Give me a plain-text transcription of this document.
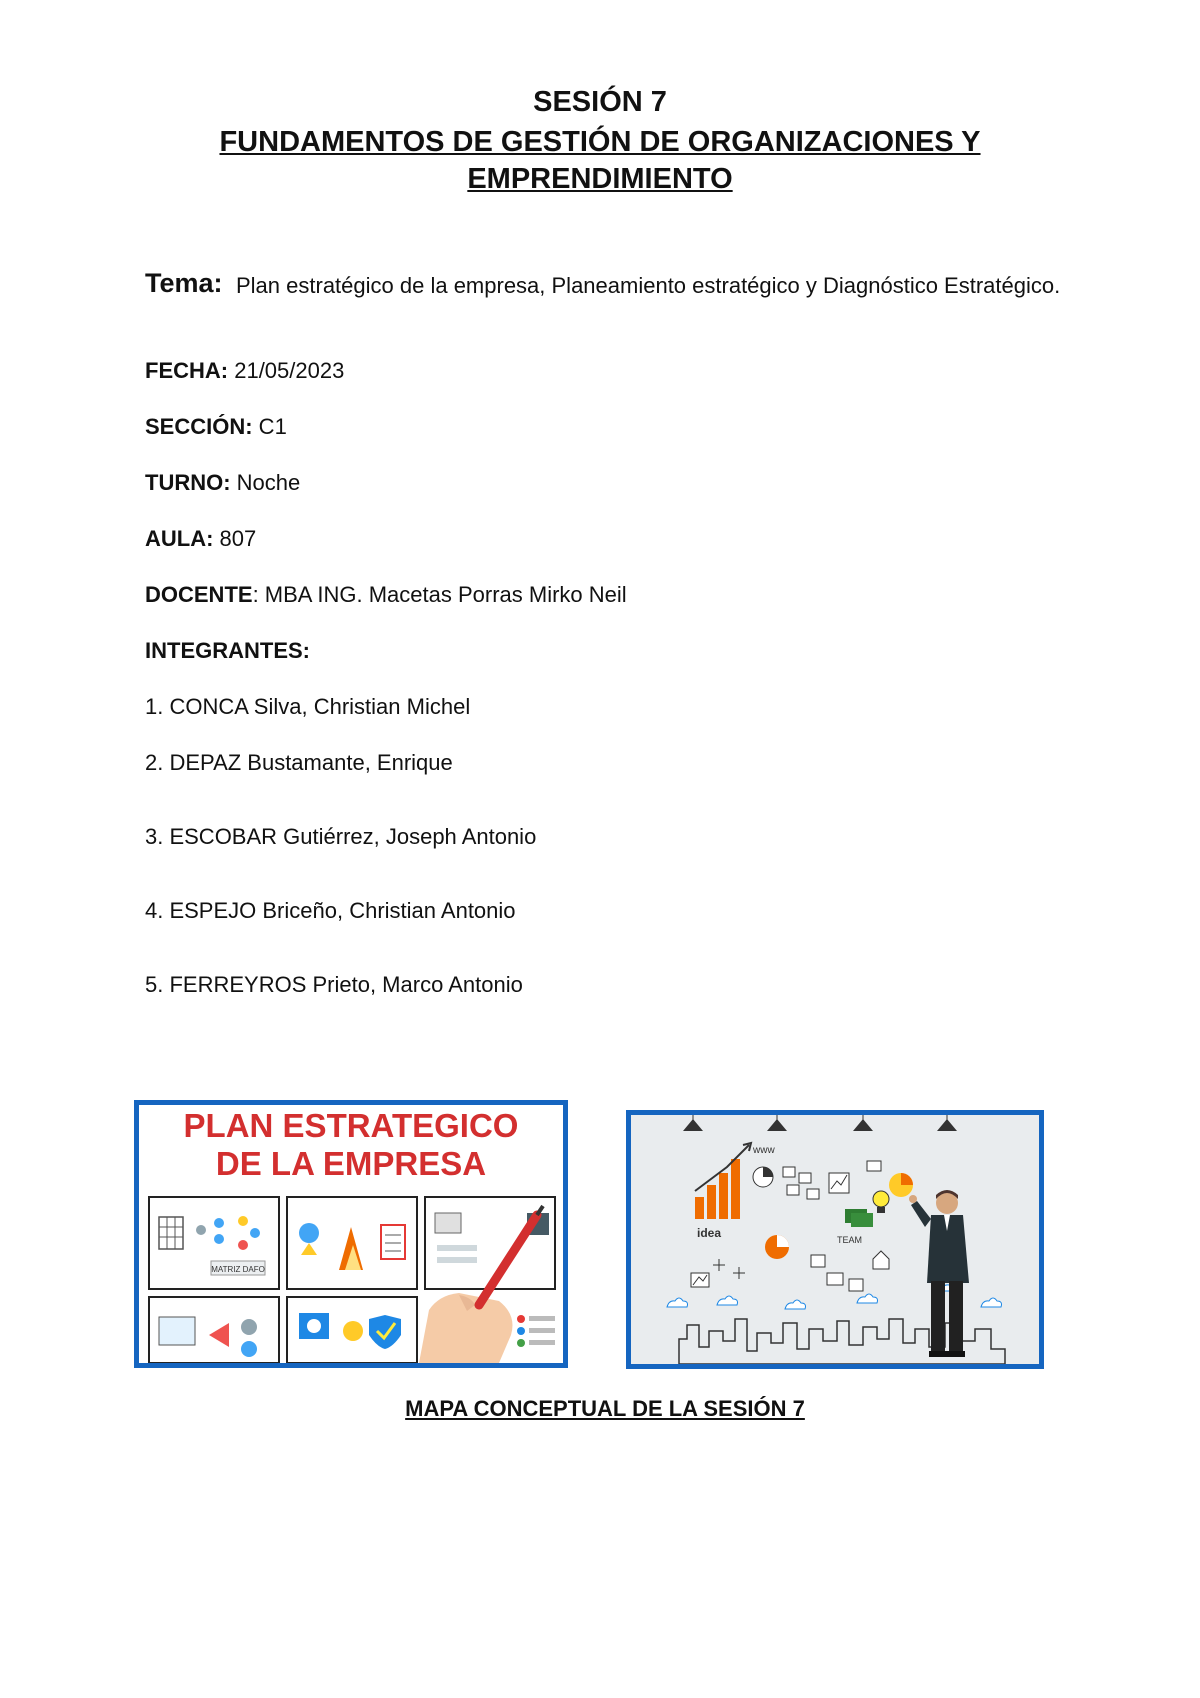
SESIÓN 7
FUNDAMENTOS DE GESTIÓN DE ORGANIZACIONES Y EMPRENDIMIENTO
Tema: Plan estratégico de la empresa, Planeamiento estratégico y Diagnóstico Estratégico.
FECHA: 21/05/2023
SECCIÓN: C1
TURNO: Noche
AULA: 807
DOCENTE: MBA ING. Macetas Porras Mirko Neil
INTEGRANTES:
1. CONCA Silva, Christian Michel
2. DEPAZ Bustamante, Enrique
3. ESCOBAR Gutiérrez, Joseph Antonio
4. ESPEJO Briceño, Christian Antonio
5. FERREYROS Prieto, Marco Antonio
PLAN ESTRATEGICO
DE LA EMPRESA
MATRIZ DAFO
www
idea	TEAM
MAPA CONCEPTUAL DE LA SESIÓN 7
